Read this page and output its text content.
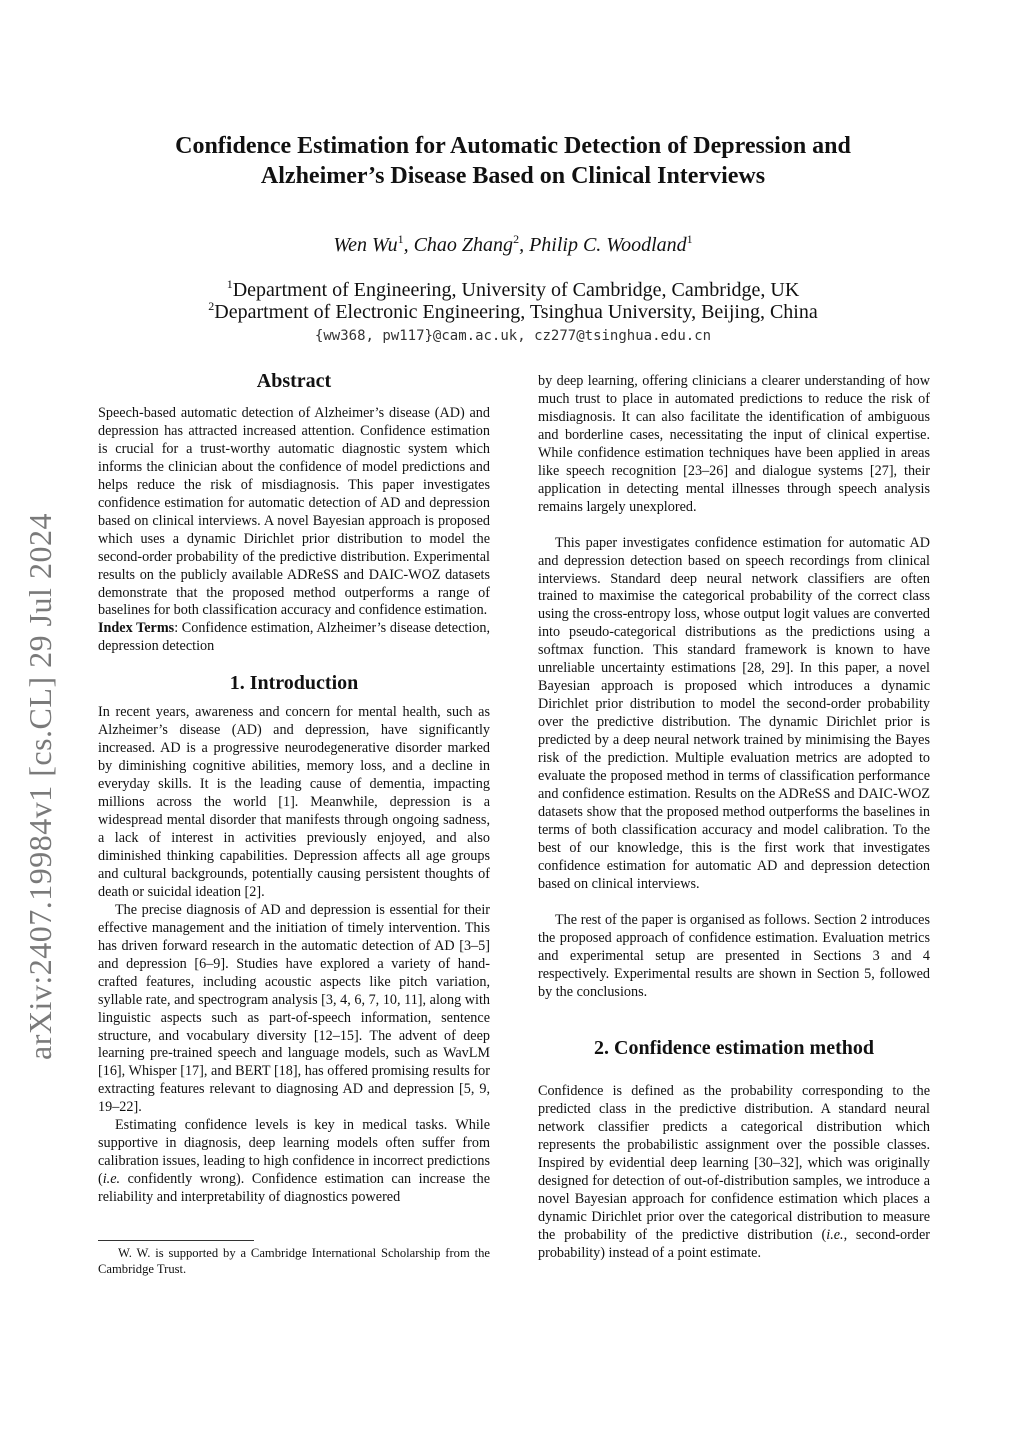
arXiv:2407.19984v1 [cs.CL] 29 Jul 2024
Confidence Estimation for Automatic Detection of Depression and
Alzheimer’s Disease Based on Clinical Interviews
Wen Wu$^1$, Chao Zhang$^2$, Philip C. Woodland$^1$
$^1$Department of Engineering, University of Cambridge, Cambridge, UK
$^2$Department of Electronic Engineering, Tsinghua University, Beijing, China
{ww368, pw117}@cam.ac.uk, cz277@tsinghua.edu.cn
Abstract

Speech-based automatic detection of Alzheimer’s disease (AD) and depression has attracted increased attention. Confidence estimation is crucial for a trust-worthy automatic diagnostic system which informs the clinician about the confidence of model predictions and helps reduce the risk of misdiagnosis. This paper investigates confidence estimation for automatic detection of AD and depression based on clinical interviews. A novel Bayesian approach is proposed which uses a dynamic Dirichlet prior distribution to model the second-order probability of the predictive distribution. Experimental results on the publicly available ADReSS and DAIC-WOZ datasets demonstrate that the proposed method outperforms a range of baselines for both classification accuracy and confidence estimation.

Index Terms: Confidence estimation, Alzheimer’s disease detection, depression detection

1. Introduction

In recent years, awareness and concern for mental health, such as Alzheimer’s disease (AD) and depression, have significantly increased. AD is a progressive neurodegenerative disorder marked by diminishing cognitive abilities, memory loss, and a decline in everyday skills. It is the leading cause of dementia, impacting millions across the world [1]. Meanwhile, depression is a widespread mental disorder that manifests through ongoing sadness, a lack of interest in activities previously enjoyed, and also diminished thinking capabilities. Depression affects all age groups and cultural backgrounds, potentially causing persistent thoughts of death or suicidal ideation [2].

The precise diagnosis of AD and depression is essential for their effective management and the initiation of timely intervention. This has driven forward research in the automatic detection of AD [3–5] and depression [6–9]. Studies have explored a variety of hand-crafted features, including acoustic aspects like pitch variation, syllable rate, and spectrogram analysis [3, 4, 6, 7, 10, 11], along with linguistic aspects such as part-of-speech information, sentence structure, and vocabulary diversity [12–15]. The advent of deep learning pre-trained speech and language models, such as WavLM [16], Whisper [17], and BERT [18], has offered promising results for extracting features relevant to diagnosing AD and depression [5, 9, 19–22].

Estimating confidence levels is key in medical tasks. While supportive in diagnosis, deep learning models often suffer from calibration issues, leading to high confidence in incorrect predictions (i.e. confidently wrong). Confidence estimation can increase the reliability and interpretability of diagnostics powered

W. W. is supported by a Cambridge International Scholarship from the Cambridge Trust.

by deep learning, offering clinicians a clearer understanding of how much trust to place in automated predictions to reduce the risk of misdiagnosis. It can also facilitate the identification of ambiguous and borderline cases, necessitating the input of clinical expertise. While confidence estimation techniques have been applied in areas like speech recognition [23–26] and dialogue systems [27], their application in detecting mental illnesses through speech analysis remains largely unexplored.

This paper investigates confidence estimation for automatic AD and depression detection based on speech recordings from clinical interviews. Standard deep neural network classifiers are often trained to maximise the categorical probability of the correct class using the cross-entropy loss, whose output logit values are converted into pseudo-categorical distributions as the predictions using a softmax function. This standard framework is known to have unreliable uncertainty estimations [28, 29]. In this paper, a novel Bayesian approach is proposed which introduces a dynamic Dirichlet prior distribution to model the second-order probability over the predictive distribution. The dynamic Dirichlet prior is predicted by a deep neural network trained by minimising the Bayes risk of the prediction. Multiple evaluation metrics are adopted to evaluate the proposed method in terms of classification performance and confidence estimation. Results on the ADReSS and DAIC-WOZ datasets show that the proposed method outperforms the baselines in terms of both classification accuracy and model calibration. To the best of our knowledge, this is the first work that investigates confidence estimation for automatic AD and depression detection based on clinical interviews.

The rest of the paper is organised as follows. Section 2 introduces the proposed approach of confidence estimation. Evaluation metrics and experimental setup are presented in Sections 3 and 4 respectively. Experimental results are shown in Section 5, followed by the conclusions.

2. Confidence estimation method

Confidence is defined as the probability corresponding to the predicted class in the predictive distribution. A standard neural network classifier predicts a categorical distribution which represents the probabilistic assignment over the possible classes. Inspired by evidential deep learning [30–32], which was originally designed for detection of out-of-distribution samples, we introduce a novel Bayesian approach for confidence estimation which places a dynamic Dirichlet prior over the categorical distribution to measure the probability of the predictive distribution (i.e., second-order probability) instead of a point estimate.
